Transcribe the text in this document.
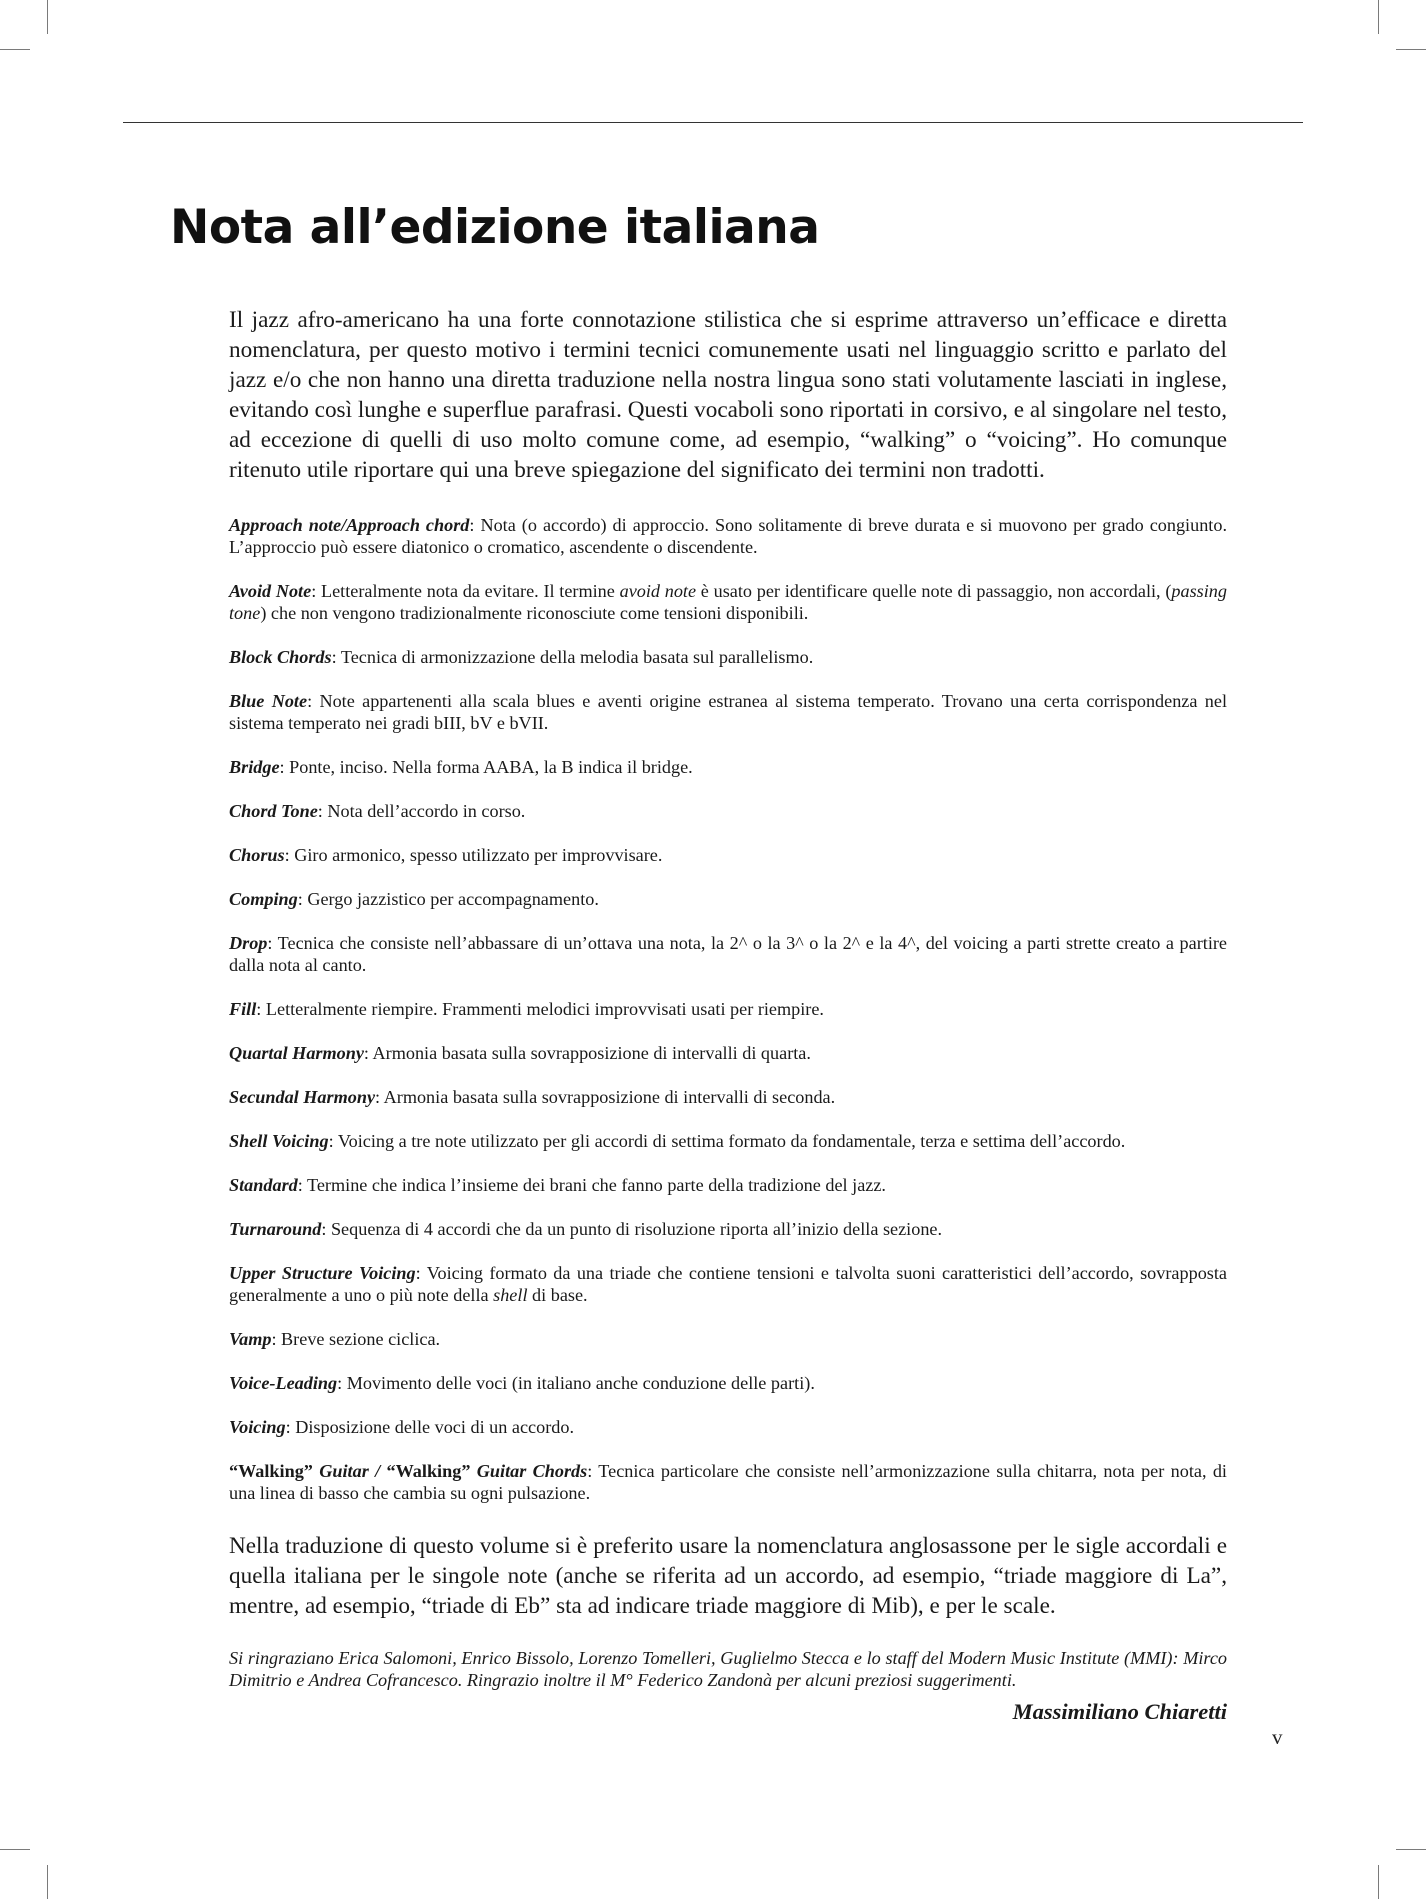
Nota all’edizione italiana

Il jazz afro-americano ha una forte connotazione stilistica che si esprime attraverso un’efficace e diretta nomenclatura, per questo motivo i termini tecnici comunemente usati nel linguaggio scritto e parlato del jazz e/o che non hanno una diretta traduzione nella nostra lingua sono stati volutamente lasciati in inglese, evitando così lunghe e superflue parafrasi. Questi vocaboli sono riportati in corsivo, e al singolare nel testo, ad eccezione di quelli di uso molto comune come, ad esempio, “walking” o “voicing”. Ho comunque ritenuto utile riportare qui una breve spiegazione del significato dei termini non tradotti.

Approach note/Approach chord: Nota (o accordo) di approccio. Sono solitamente di breve durata e si muovono per grado congiunto. L’approccio può essere diatonico o cromatico, ascendente o discendente.

Avoid Note: Letteralmente nota da evitare. Il termine avoid note è usato per identificare quelle note di passaggio, non accordali, (passing tone) che non vengono tradizionalmente riconosciute come tensioni disponibili.

Block Chords: Tecnica di armonizzazione della melodia basata sul parallelismo.

Blue Note: Note appartenenti alla scala blues e aventi origine estranea al sistema temperato. Trovano una certa corrispondenza nel sistema temperato nei gradi bIII, bV e bVII.

Bridge: Ponte, inciso. Nella forma AABA, la B indica il bridge.

Chord Tone: Nota dell’accordo in corso.

Chorus: Giro armonico, spesso utilizzato per improvvisare.

Comping: Gergo jazzistico per accompagnamento.

Drop: Tecnica che consiste nell’abbassare di un’ottava una nota, la 2^ o la 3^ o la 2^ e la 4^, del voicing a parti strette creato a partire dalla nota al canto.

Fill: Letteralmente riempire. Frammenti melodici improvvisati usati per riempire.

Quartal Harmony: Armonia basata sulla sovrapposizione di intervalli di quarta.

Secundal Harmony: Armonia basata sulla sovrapposizione di intervalli di seconda.

Shell Voicing: Voicing a tre note utilizzato per gli accordi di settima formato da fondamentale, terza e settima dell’accordo.

Standard: Termine che indica l’insieme dei brani che fanno parte della tradizione del jazz.

Turnaround: Sequenza di 4 accordi che da un punto di risoluzione riporta all’inizio della sezione.

Upper Structure Voicing: Voicing formato da una triade che contiene tensioni e talvolta suoni caratteristici dell’accordo, sovrapposta generalmente a uno o più note della shell di base.

Vamp: Breve sezione ciclica.

Voice-Leading: Movimento delle voci (in italiano anche conduzione delle parti).

Voicing: Disposizione delle voci di un accordo.

“Walking” Guitar / “Walking” Guitar Chords: Tecnica particolare che consiste nell’armonizzazione sulla chitarra, nota per nota, di una linea di basso che cambia su ogni pulsazione.

Nella traduzione di questo volume si è preferito usare la nomenclatura anglosassone per le sigle accordali e quella italiana per le singole note (anche se riferita ad un accordo, ad esempio, “triade maggiore di La”, mentre, ad esempio, “triade di Eb” sta ad indicare triade maggiore di Mib), e per le scale.

Si ringraziano Erica Salomoni, Enrico Bissolo, Lorenzo Tomelleri, Guglielmo Stecca e lo staff del Modern Music Institute (MMI): Mirco Dimitrio e Andrea Cofrancesco. Ringrazio inoltre il M° Federico Zandonà per alcuni preziosi suggerimenti.

Massimiliano Chiaretti
v
